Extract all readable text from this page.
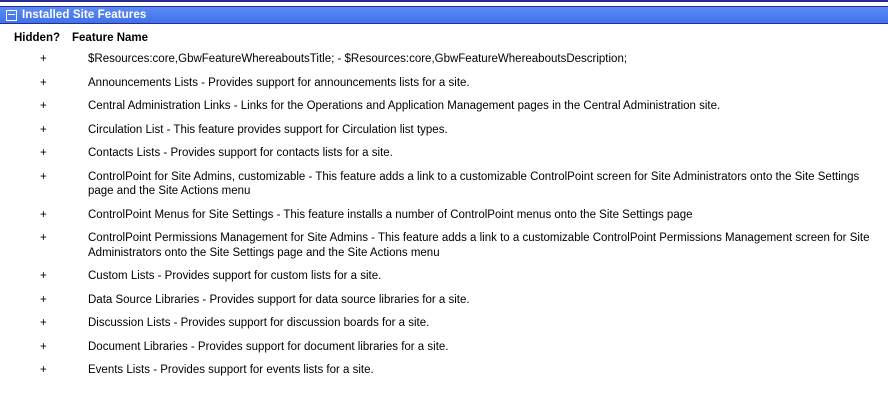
Installed Site Features
Hidden?	Feature Name
+	$Resources:core,GbwFeatureWhereaboutsTitle; - $Resources:core,GbwFeatureWhereaboutsDescription;
+	Announcements Lists - Provides support for announcements lists for a site.
+	Central Administration Links - Links for the Operations and Application Management pages in the Central Administration site.
+	Circulation List - This feature provides support for Circulation list types.
+	Contacts Lists - Provides support for contacts lists for a site.
+	ControlPoint for Site Admins, customizable - This feature adds a link to a customizable ControlPoint screen for Site Administrators onto the Site Settings page and the Site Actions menu
+	ControlPoint Menus for Site Settings - This feature installs a number of ControlPoint menus onto the Site Settings page
+	ControlPoint Permissions Management for Site Admins - This feature adds a link to a customizable ControlPoint Permissions Management screen for Site Administrators onto the Site Settings page and the Site Actions menu
+	Custom Lists - Provides support for custom lists for a site.
+	Data Source Libraries - Provides support for data source libraries for a site.
+	Discussion Lists - Provides support for discussion boards for a site.
+	Document Libraries - Provides support for document libraries for a site.
+	Events Lists - Provides support for events lists for a site.
